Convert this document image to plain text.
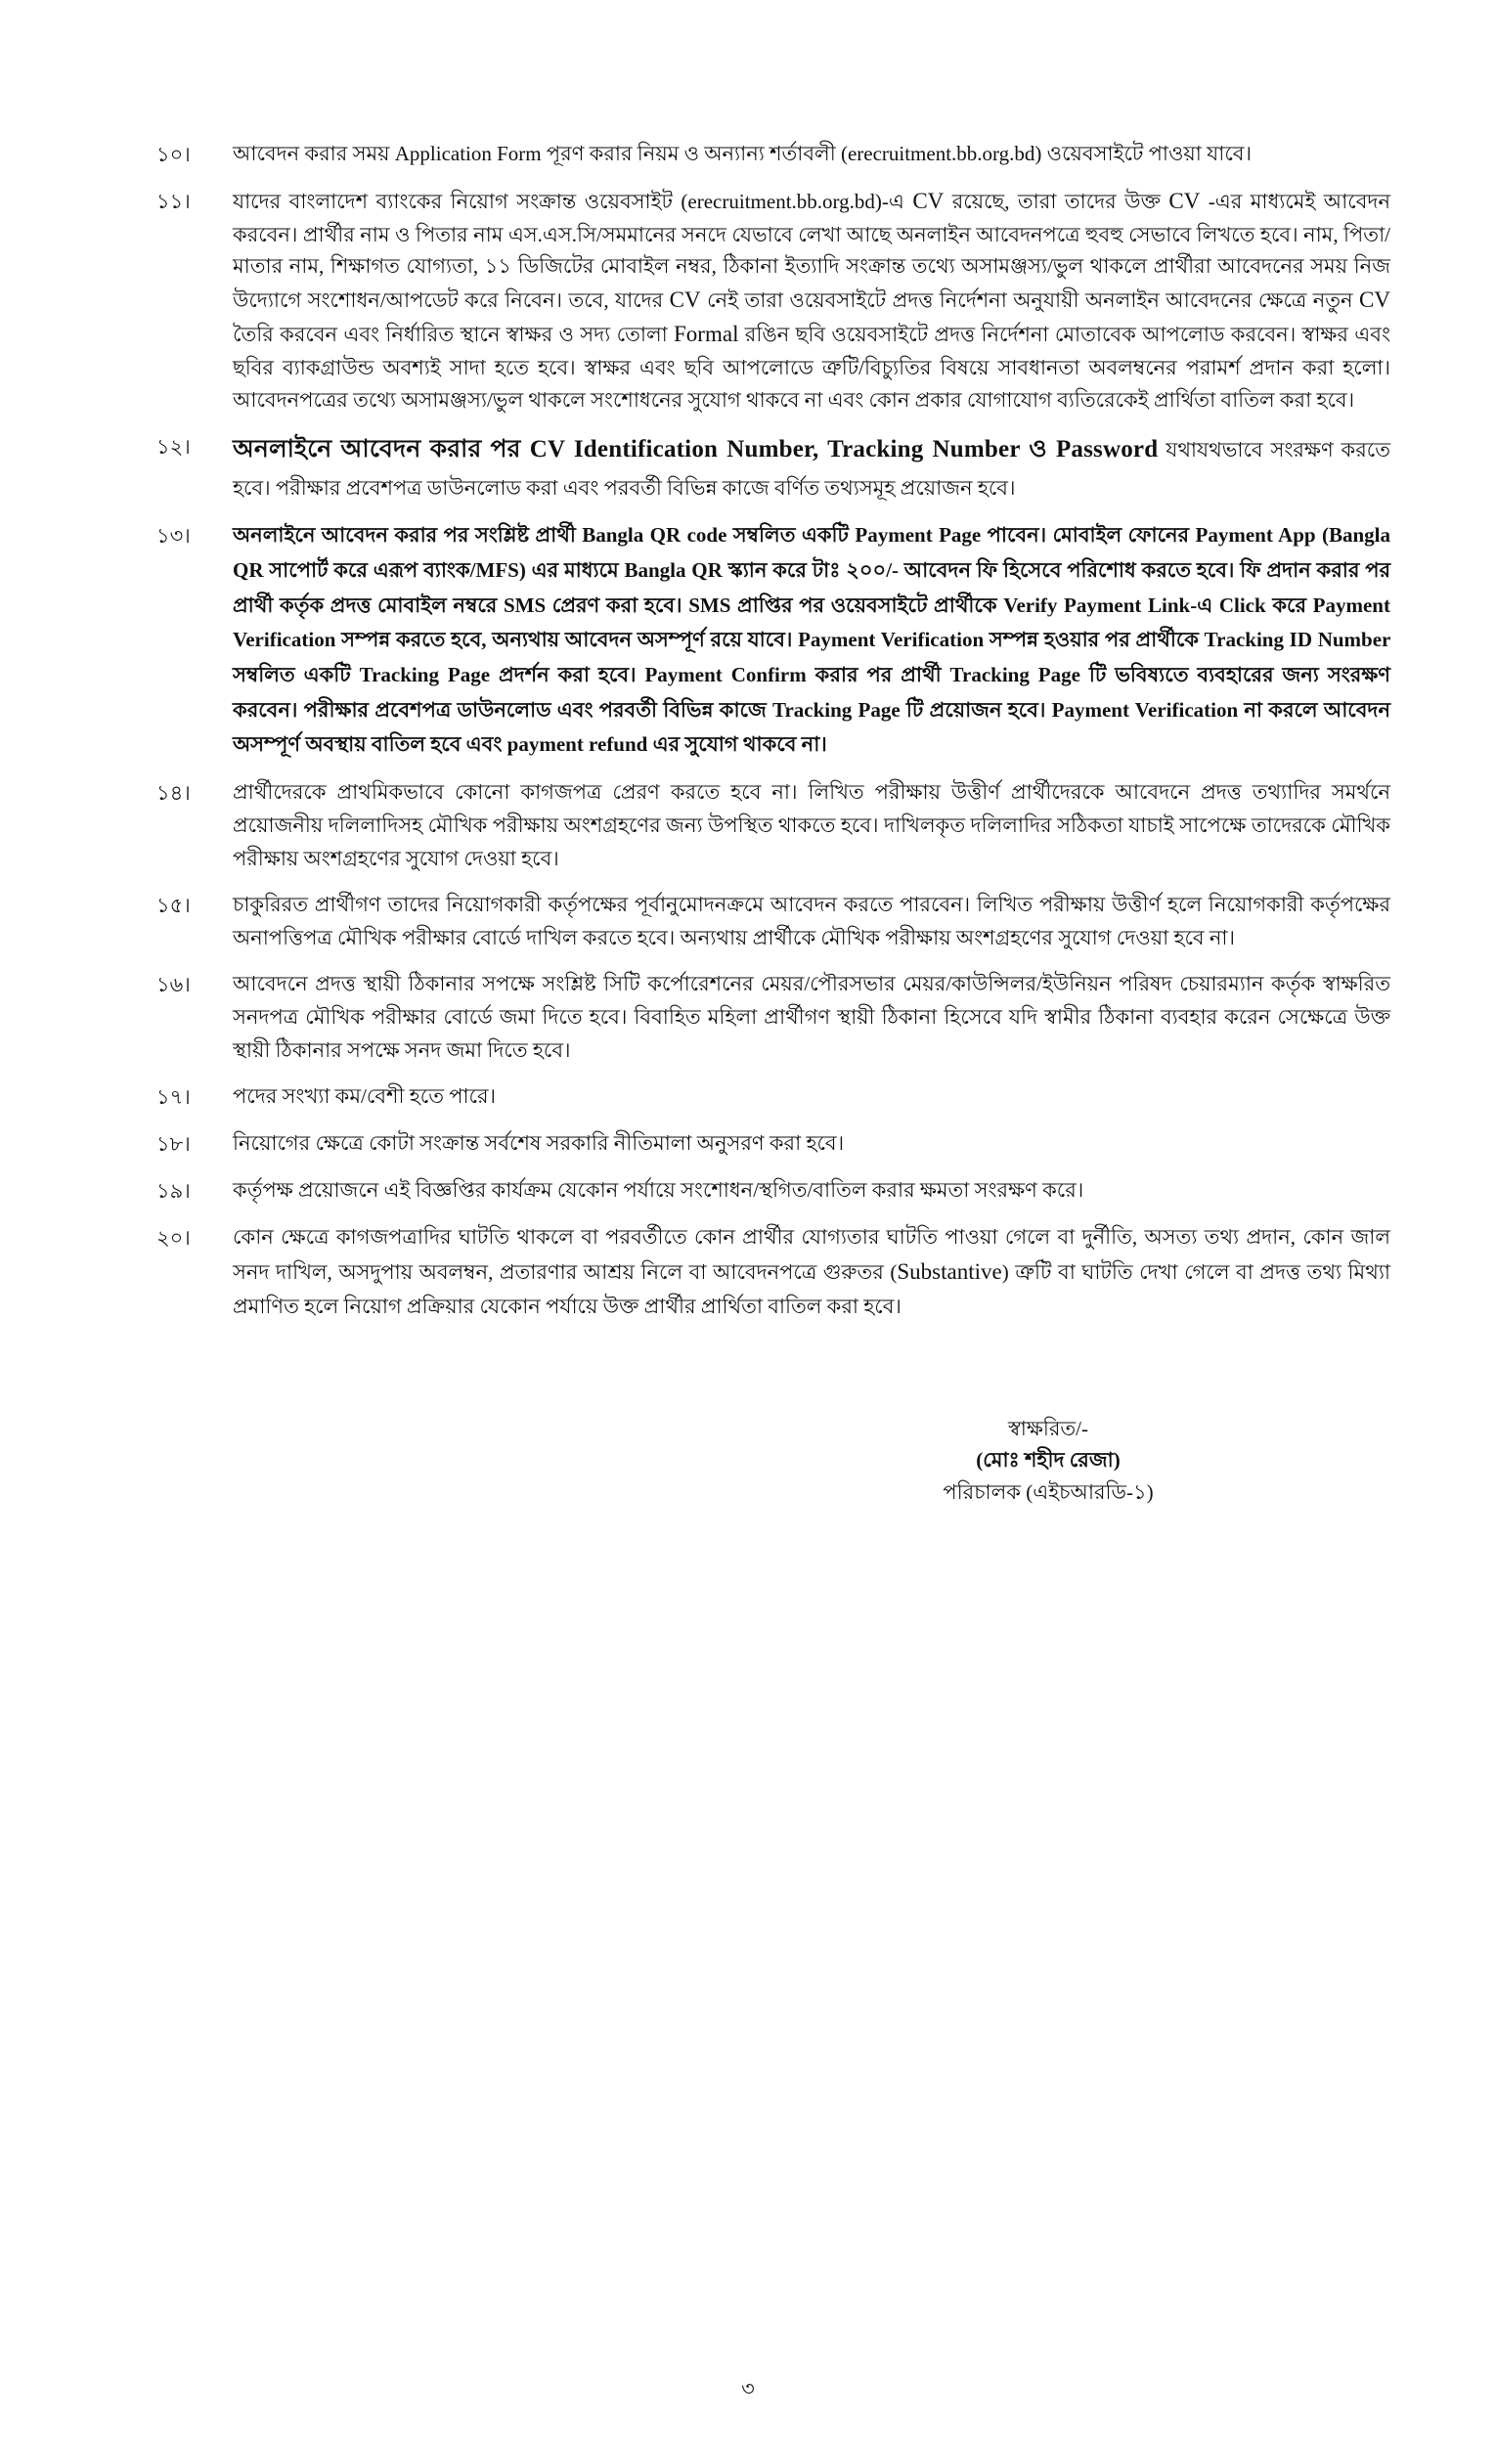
১০।	আবেদন করার সময় Application Form পূরণ করার নিয়ম ও অন্যান্য শর্তাবলী (erecruitment.bb.org.bd) ওয়েবসাইটে পাওয়া যাবে।
১১।	যাদের বাংলাদেশ ব্যাংকের নিয়োগ সংক্রান্ত ওয়েবসাইট (erecruitment.bb.org.bd)-এ CV রয়েছে, তারা তাদের উক্ত CV -এর মাধ্যমেই আবেদন করবেন। প্রার্থীর নাম ও পিতার নাম এস.এস.সি/সমমানের সনদে যেভাবে লেখা আছে অনলাইন আবেদনপত্রে হুবহু সেভাবে লিখতে হবে। নাম, পিতা/মাতার নাম, শিক্ষাগত যোগ্যতা, ১১ ডিজিটের মোবাইল নম্বর, ঠিকানা ইত্যাদি সংক্রান্ত তথ্যে অসামঞ্জস্য/ভুল থাকলে প্রার্থীরা আবেদনের সময় নিজ উদ্যোগে সংশোধন/আপডেট করে নিবেন। তবে, যাদের CV নেই তারা ওয়েবসাইটে প্রদত্ত নির্দেশনা অনুযায়ী অনলাইন আবেদনের ক্ষেত্রে নতুন CV তৈরি করবেন এবং নির্ধারিত স্থানে স্বাক্ষর ও সদ্য তোলা Formal রঙিন ছবি ওয়েবসাইটে প্রদত্ত নির্দেশনা মোতাবেক আপলোড করবেন। স্বাক্ষর এবং ছবির ব্যাকগ্রাউন্ড অবশ্যই সাদা হতে হবে। স্বাক্ষর এবং ছবি আপলোডে ত্রুটি/বিচ্যুতির বিষয়ে সাবধানতা অবলম্বনের পরামর্শ প্রদান করা হলো। আবেদনপত্রের তথ্যে অসামঞ্জস্য/ভুল থাকলে সংশোধনের সুযোগ থাকবে না এবং কোন প্রকার যোগাযোগ ব্যতিরেকেই প্রার্থিতা বাতিল করা হবে।
১২।	অনলাইনে আবেদন করার পর CV Identification Number, Tracking Number ও Password যথাযথভাবে সংরক্ষণ করতে হবে। পরীক্ষার প্রবেশপত্র ডাউনলোড করা এবং পরবর্তী বিভিন্ন কাজে বর্ণিত তথ্যসমূহ প্রয়োজন হবে।
১৩।	অনলাইনে আবেদন করার পর সংশ্লিষ্ট প্রার্থী Bangla QR code সম্বলিত একটি Payment Page পাবেন। মোবাইল ফোনের Payment App (Bangla QR সাপোর্ট করে এরূপ ব্যাংক/MFS) এর মাধ্যমে Bangla QR স্ক্যান করে টাঃ ২০০/- আবেদন ফি হিসেবে পরিশোধ করতে হবে। ফি প্রদান করার পর প্রার্থী কর্তৃক প্রদত্ত মোবাইল নম্বরে SMS প্রেরণ করা হবে। SMS প্রাপ্তির পর ওয়েবসাইটে প্রার্থীকে Verify Payment Link-এ Click করে Payment Verification সম্পন্ন করতে হবে, অন্যথায় আবেদন অসম্পূর্ণ রয়ে যাবে। Payment Verification সম্পন্ন হওয়ার পর প্রার্থীকে Tracking ID Number সম্বলিত একটি Tracking Page প্রদর্শন করা হবে। Payment Confirm করার পর প্রার্থী Tracking Page টি ভবিষ্যতে ব্যবহারের জন্য সংরক্ষণ করবেন। পরীক্ষার প্রবেশপত্র ডাউনলোড এবং পরবর্তী বিভিন্ন কাজে Tracking Page টি প্রয়োজন হবে। Payment Verification না করলে আবেদন অসম্পূর্ণ অবস্থায় বাতিল হবে এবং payment refund এর সুযোগ থাকবে না।
১৪।	প্রার্থীদেরকে প্রাথমিকভাবে কোনো কাগজপত্র প্রেরণ করতে হবে না। লিখিত পরীক্ষায় উত্তীর্ণ প্রার্থীদেরকে আবেদনে প্রদত্ত তথ্যাদির সমর্থনে প্রয়োজনীয় দলিলাদিসহ মৌখিক পরীক্ষায় অংশগ্রহণের জন্য উপস্থিত থাকতে হবে। দাখিলকৃত দলিলাদির সঠিকতা যাচাই সাপেক্ষে তাদেরকে মৌখিক পরীক্ষায় অংশগ্রহণের সুযোগ দেওয়া হবে।
১৫।	চাকুরিরত প্রার্থীগণ তাদের নিয়োগকারী কর্তৃপক্ষের পূর্বানুমোদনক্রমে আবেদন করতে পারবেন। লিখিত পরীক্ষায় উত্তীর্ণ হলে নিয়োগকারী কর্তৃপক্ষের অনাপত্তিপত্র মৌখিক পরীক্ষার বোর্ডে দাখিল করতে হবে। অন্যথায় প্রার্থীকে মৌখিক পরীক্ষায় অংশগ্রহণের সুযোগ দেওয়া হবে না।
১৬।	আবেদনে প্রদত্ত স্থায়ী ঠিকানার সপক্ষে সংশ্লিষ্ট সিটি কর্পোরেশনের মেয়র/পৌরসভার মেয়র/কাউন্সিলর/ইউনিয়ন পরিষদ চেয়ারম্যান কর্তৃক স্বাক্ষরিত সনদপত্র মৌখিক পরীক্ষার বোর্ডে জমা দিতে হবে। বিবাহিত মহিলা প্রার্থীগণ স্থায়ী ঠিকানা হিসেবে যদি স্বামীর ঠিকানা ব্যবহার করেন সেক্ষেত্রে উক্ত স্থায়ী ঠিকানার সপক্ষে সনদ জমা দিতে হবে।
১৭।	পদের সংখ্যা কম/বেশী হতে পারে।
১৮।	নিয়োগের ক্ষেত্রে কোটা সংক্রান্ত সর্বশেষ সরকারি নীতিমালা অনুসরণ করা হবে।
১৯।	কর্তৃপক্ষ প্রয়োজনে এই বিজ্ঞপ্তির কার্যক্রম যেকোন পর্যায়ে সংশোধন/স্থগিত/বাতিল করার ক্ষমতা সংরক্ষণ করে।
২০।	কোন ক্ষেত্রে কাগজপত্রাদির ঘাটতি থাকলে বা পরবর্তীতে কোন প্রার্থীর যোগ্যতার ঘাটতি পাওয়া গেলে বা দুর্নীতি, অসত্য তথ্য প্রদান, কোন জাল সনদ দাখিল, অসদুপায় অবলম্বন, প্রতারণার আশ্রয় নিলে বা আবেদনপত্রে গুরুতর (Substantive) ত্রুটি বা ঘাটতি দেখা গেলে বা প্রদত্ত তথ্য মিথ্যা প্রমাণিত হলে নিয়োগ প্রক্রিয়ার যেকোন পর্যায়ে উক্ত প্রার্থীর প্রার্থিতা বাতিল করা হবে।
স্বাক্ষরিত/-
(মোঃ শহীদ রেজা)
পরিচালক (এইচআরডি-১)
৩
